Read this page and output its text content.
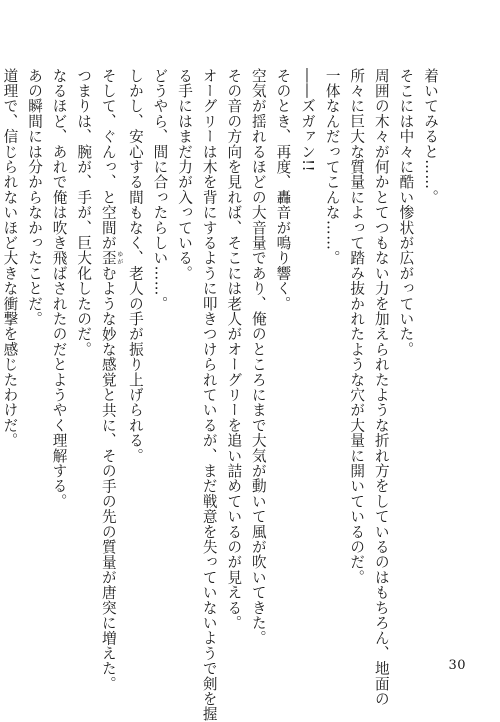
着いてみると……。
そこには中々に酷い惨状が広がっていた。
周囲の木々が何かとてつもない力を加えられたような折れ方をしているのはもちろん、地面の
所々に巨大な質量によって踏み抜かれたような穴が大量に開いているのだ。
一体なんだってこんな……。
――ズガァン!!
そのとき、再度、轟音が鳴り響く。
空気が揺れるほどの大音量であり、俺のところにまで大気が動いて風が吹いてきた。
その音の方向を見れば、そこには老人がオーグリーを追い詰めているのが見える。
オーグリーは木を背にするように叩きつけられているが、まだ戦意を失っていないようで剣を握
る手にはまだ力が入っている。
どうやら、間に合ったらしい……。
しかし、安心する間もなく、老人の手が振り上げられる。
そして、ぐんっ、と空間が歪 ゆがむような妙な感覚と共に、その手の先の質量が唐突に増えた。
つまりは、腕が、手が、巨大化したのだ。
なるほど、あれで俺は吹き飛ばされたのだとようやく理解する。
あの瞬間には分からなかったことだ。
道理で、信じられないほど大きな衝撃を感じたわけだ。
30
